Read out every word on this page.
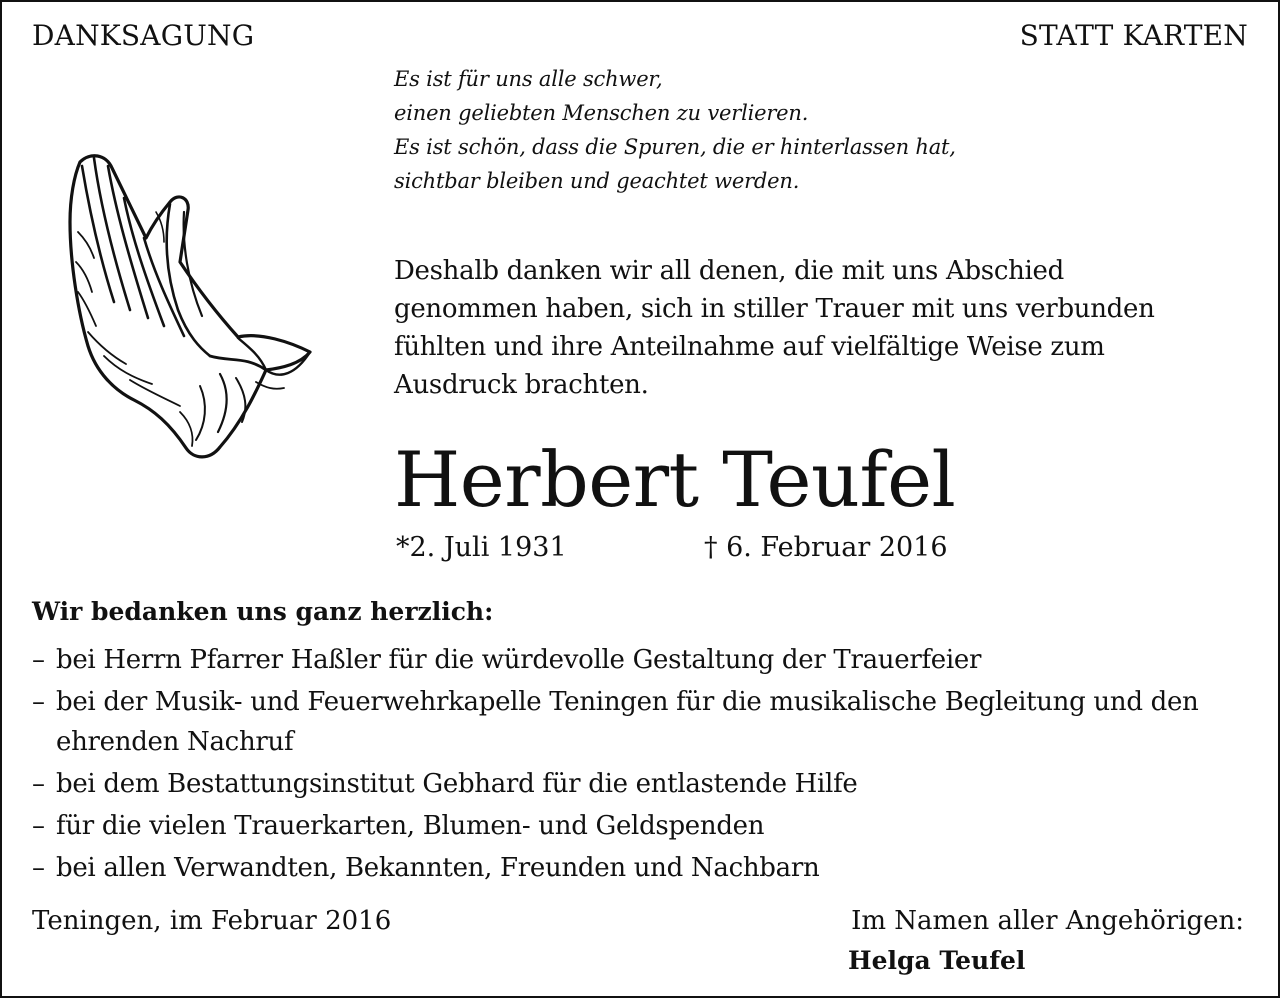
DANKSAGUNG	STATT KARTEN
Es ist für uns alle schwer,
einen geliebten Menschen zu verlieren.
Es ist schön, dass die Spuren, die er hinterlassen hat,
sichtbar bleiben und geachtet werden.
Deshalb danken wir all denen, die mit uns Abschied
genommen haben, sich in stiller Trauer mit uns verbunden
fühlten und ihre Anteilnahme auf vielfältige Weise zum
Ausdruck brachten.
Herbert Teufel
*2. Juli 1931	† 6. Februar 2016
Wir bedanken uns ganz herzlich:
– bei Herrn Pfarrer Haßler für die würdevolle Gestaltung der Trauerfeier
– bei der Musik- und Feuerwehrkapelle Teningen für die musikalische Begleitung und den
ehrenden Nachruf
– bei dem Bestattungsinstitut Gebhard für die entlastende Hilfe
– für die vielen Trauerkarten, Blumen- und Geldspenden
– bei allen Verwandten, Bekannten, Freunden und Nachbarn
Teningen, im Februar 2016	Im Namen aller Angehörigen:
Helga Teufel
